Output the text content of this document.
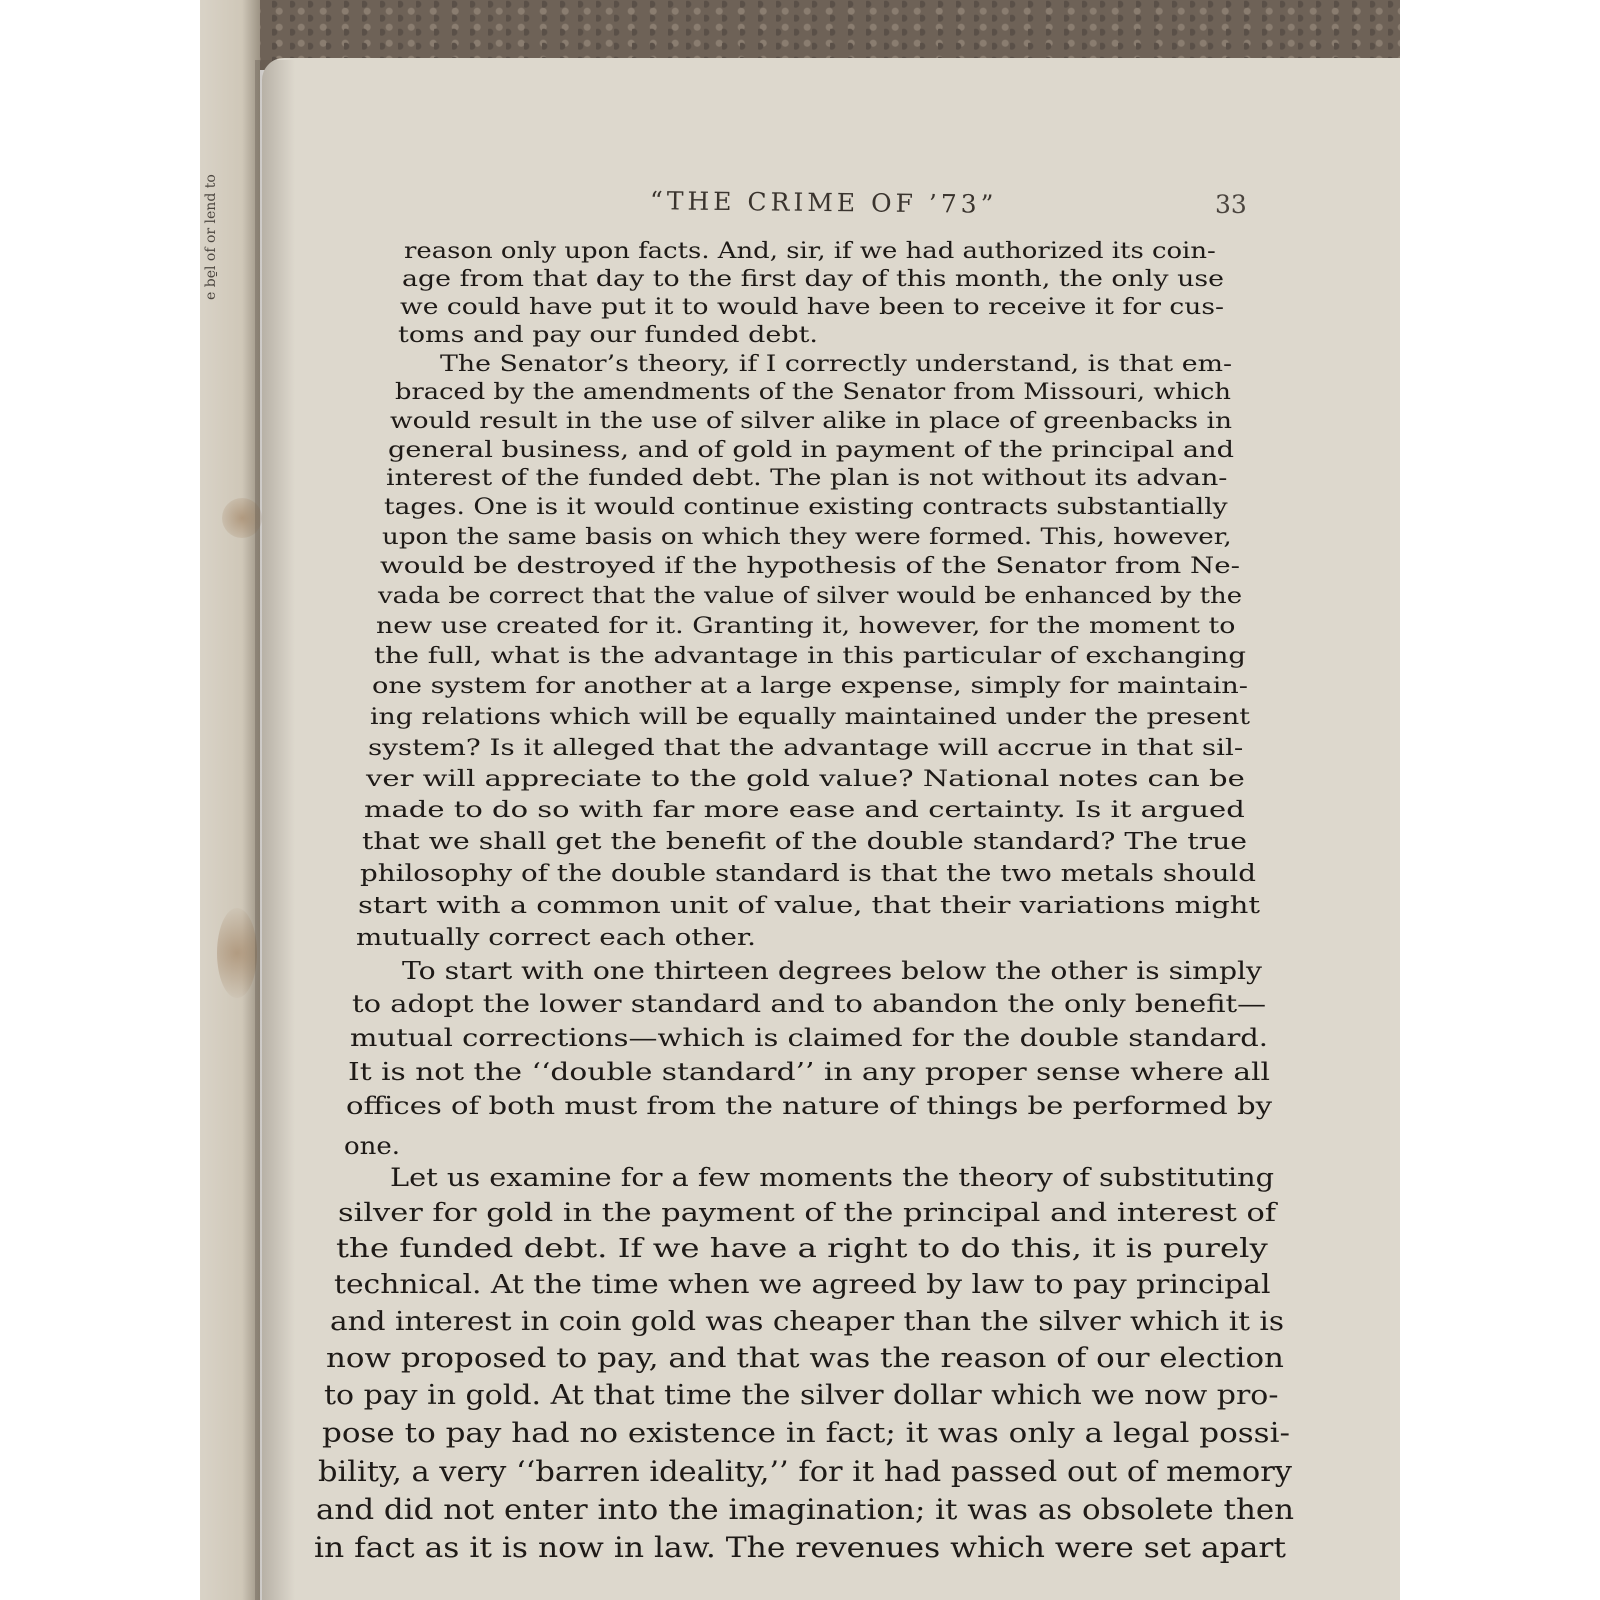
e be̱l of or lend to	“THE CRIME OF ’73”	33
reason only upon facts. And, sir, if we had authorized its coin-
age from that day to the first day of this month, the only use
we could have put it to would have been to receive it for cus-
toms and pay our funded debt.
The Senator’s theory, if I correctly understand, is that em-
braced by the amendments of the Senator from Missouri, which
would result in the use of silver alike in place of greenbacks in
general business, and of gold in payment of the principal and
interest of the funded debt. The plan is not without its advan-
tages. One is it would continue existing contracts substantially
upon the same basis on which they were formed. This, however,
would be destroyed if the hypothesis of the Senator from Ne-
vada be correct that the value of silver would be enhanced by the
new use created for it. Granting it, however, for the moment to
the full, what is the advantage in this particular of exchanging
one system for another at a large expense, simply for maintain-
ing relations which will be equally maintained under the present
system? Is it alleged that the advantage will accrue in that sil-
ver will appreciate to the gold value? National notes can be
made to do so with far more ease and certainty. Is it argued
that we shall get the benefit of the double standard? The true
philosophy of the double standard is that the two metals should
start with a common unit of value, that their variations might
mutually correct each other.
To start with one thirteen degrees below the other is simply
to adopt the lower standard and to abandon the only benefit—
mutual corrections—which is claimed for the double standard.
It is not the ‘‘double standard’’ in any proper sense where all
offices of both must from the nature of things be performed by
one.
Let us examine for a few moments the theory of substituting
silver for gold in the payment of the principal and interest of
the funded debt. If we have a right to do this, it is purely
technical. At the time when we agreed by law to pay principal
and interest in coin gold was cheaper than the silver which it is
now proposed to pay, and that was the reason of our election
to pay in gold. At that time the silver dollar which we now pro-
pose to pay had no existence in fact; it was only a legal possi-
bility, a very ‘‘barren ideality,’’ for it had passed out of memory
and did not enter into the imagination; it was as obsolete then
in fact as it is now in law. The revenues which were set apart
